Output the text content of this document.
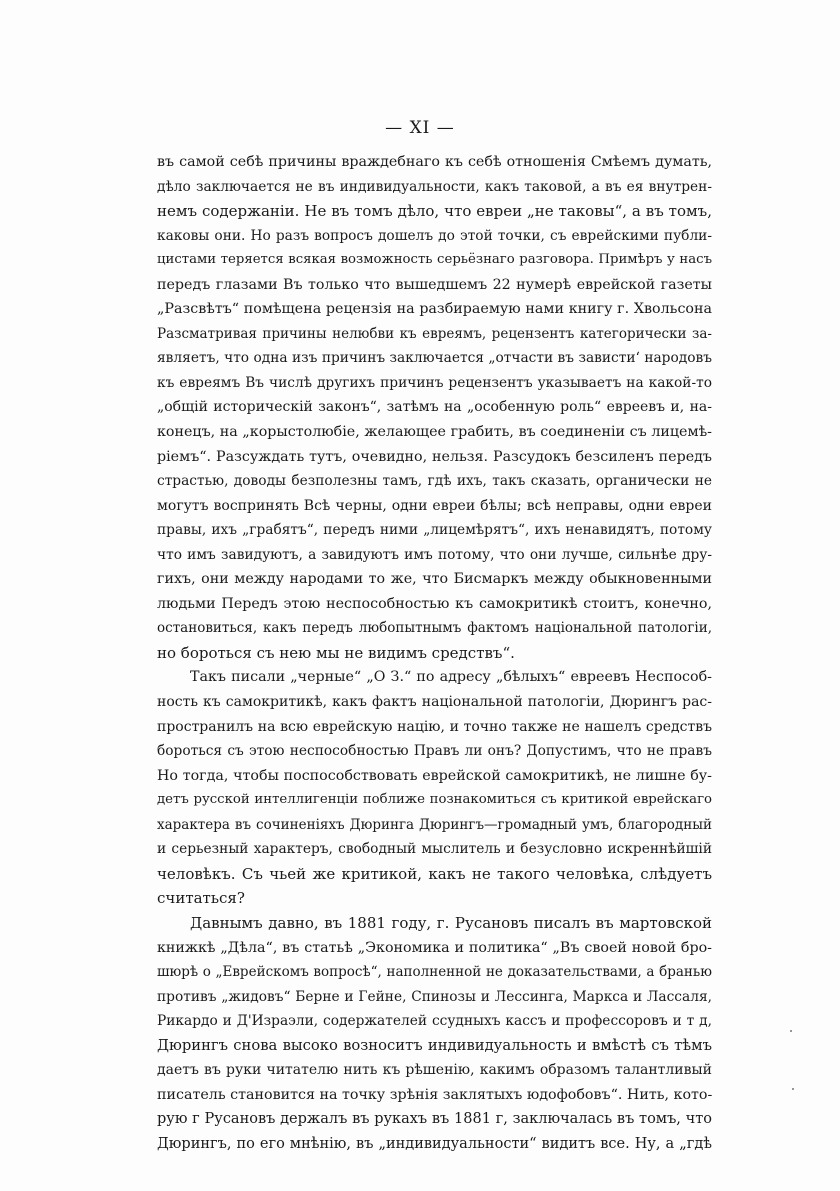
— XI —

въ самой себѣ причины враждебнаго къ себѣ отношенія Смѣемъ думать,
дѣло заключается не въ индивидуальности, какъ таковой, а въ ея внутрен-
немъ содержаніи. Не въ томъ дѣло, что евреи „не таковы“, а въ томъ,
каковы они. Но разъ вопросъ дошелъ до этой точки, съ еврейскими публи-
цистами теряется всякая возможность серьёзнаго разговора. Примѣръ у насъ
передъ глазами Въ только что вышедшемъ 22 нумерѣ еврейской газеты
„Разсвѣтъ“ помѣщена рецензія на разбираемую нами книгу г. Хвольсона
Разсматривая причины нелюбви къ евреямъ, рецензентъ категорически за-
являетъ, что одна изъ причинъ заключается „отчасти въ зависти‘ народовъ
къ евреямъ Въ числѣ другихъ причинъ рецензентъ указываетъ на какой-то
„общій историческій законъ“, затѣмъ на „особенную роль“ евреевъ и, на-
конецъ, на „корыстолюбіе, желающее грабить, въ соединеніи съ лицемѣ-
ріемъ“. Разсуждать тутъ, очевидно, нельзя. Разсудокъ безсиленъ передъ
страстью, доводы безполезны тамъ, гдѣ ихъ, такъ сказать, органически не
могутъ воспринять Всѣ черны, одни евреи бѣлы; всѣ неправы, одни евреи
правы, ихъ „грабятъ“, передъ ними „лицемѣрятъ“, ихъ ненавидятъ, потому
что имъ завидуютъ, а завидуютъ имъ потому, что они лучше, сильнѣе дру-
гихъ, они между народами то же, что Бисмаркъ между обыкновенными
людьми Передъ этою неспособностью къ самокритикѣ стоитъ, конечно,
остановиться, какъ передъ любопытнымъ фактомъ національной патологіи,
но бороться съ нею мы не видимъ средствъ“.
Такъ писали „черные“ „О З.“ по адресу „бѣлыхъ“ евреевъ Неспособ-
ность къ самокритикѣ, какъ фактъ національной патологіи, Дюрингъ рас-
пространилъ на всю еврейскую націю, и точно также не нашелъ средствъ
бороться съ этою неспособностью Правъ ли онъ? Допустимъ, что не правъ
Но тогда, чтобы поспособствовать еврейской самокритикѣ, не лишне бу-
детъ русской интеллигенціи поближе познакомиться съ критикой еврейскаго
характера въ сочиненіяхъ Дюринга Дюрингъ—громадный умъ, благородный
и серьезный характеръ, свободный мыслитель и безусловно искреннѣйшій
человѣкъ. Съ чьей же критикой, какъ не такого человѣка, слѣдуетъ
считаться?
Давнымъ давно, въ 1881 году, г. Русановъ писалъ въ мартовской
книжкѣ „Дѣла“, въ статьѣ „Экономика и политика“ „Въ своей новой бро-
шюрѣ о „Еврейскомъ вопросѣ“, наполненной не доказательствами, а бранью
противъ „жидовъ“ Берне и Гейне, Спинозы и Лессинга, Маркса и Лассаля,
Рикардо и Д'Израэли, содержателей ссудныхъ кассъ и профессоровъ и т д,
Дюрингъ снова высоко возноситъ индивидуальность и вмѣстѣ съ тѣмъ
даетъ въ руки читателю нить къ рѣшенію, какимъ образомъ талантливый
писатель становится на точку зрѣнія заклятыхъ юдофобовъ“. Нить, кото-
рую г Русановъ держалъ въ рукахъ въ 1881 г, заключалась въ томъ, что
Дюрингъ, по его мнѣнію, въ „индивидуальности“ видитъ все. Ну, а „гдѣ
